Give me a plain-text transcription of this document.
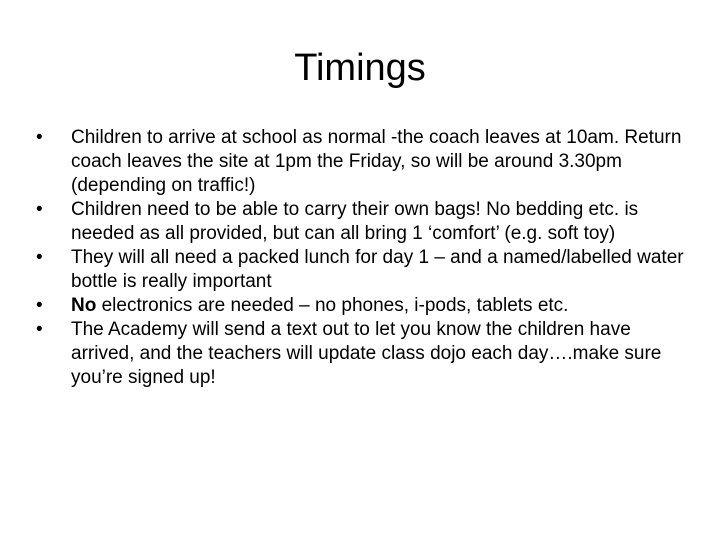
Timings
•	Children to arrive at school as normal -the coach leaves at 10am. Return coach leaves the site at 1pm the Friday, so will be around 3.30pm (depending on traffic!)
•	Children need to be able to carry their own bags! No bedding etc. is needed as all provided, but can all bring 1 ‘comfort’ (e.g. soft toy)
•	They will all need a packed lunch for day 1 – and a named/labelled water bottle is really important
•	No electronics are needed – no phones, i-pods, tablets etc.
•	The Academy will send a text out to let you know the children have arrived, and the teachers will update class dojo each day….make sure you’re signed up!
